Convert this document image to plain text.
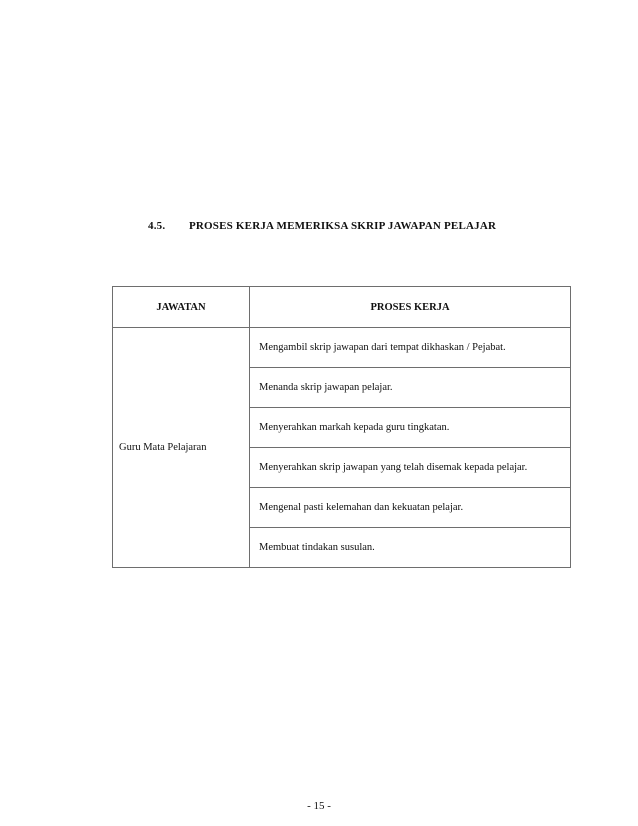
4.5. PROSES KERJA MEMERIKSA SKRIP JAWAPAN PELAJAR
JAWATAN	PROSES KERJA
Guru Mata Pelajaran	Mengambil skrip jawapan dari tempat dikhaskan / Pejabat.
	Menanda skrip jawapan pelajar.
	Menyerahkan markah kepada guru tingkatan.
	Menyerahkan skrip jawapan yang telah disemak kepada pelajar.
	Mengenal pasti kelemahan dan kekuatan pelajar.
	Membuat tindakan susulan.
- 15 -
